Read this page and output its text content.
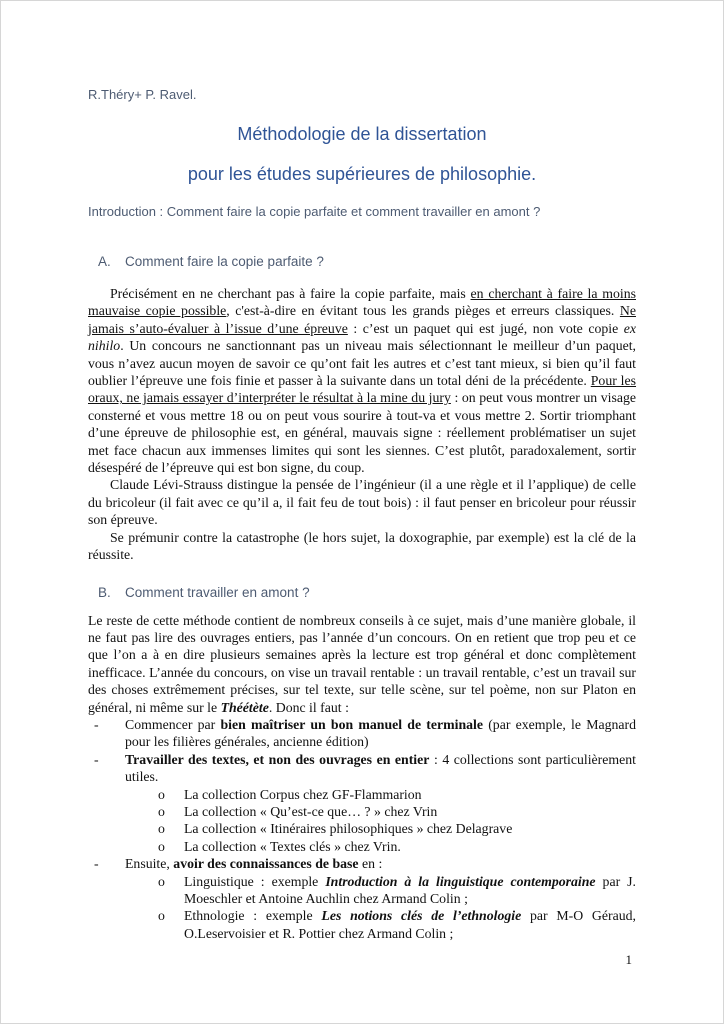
R.Théry+ P. Ravel.
Méthodologie de la dissertation
pour les études supérieures de philosophie.
Introduction : Comment faire la copie parfaite et comment travailler en amont ?
A. Comment faire la copie parfaite ?

Précisément en ne cherchant pas à faire la copie parfaite, mais en cherchant à faire la moins mauvaise copie possible, c'est-à-dire en évitant tous les grands pièges et erreurs classiques. Ne jamais s’auto-évaluer à l’issue d’une épreuve : c’est un paquet qui est jugé, non vote copie ex nihilo. Un concours ne sanctionnant pas un niveau mais sélectionnant le meilleur d’un paquet, vous n’avez aucun moyen de savoir ce qu’ont fait les autres et c’est tant mieux, si bien qu’il faut oublier l’épreuve une fois finie et passer à la suivante dans un total déni de la précédente. Pour les oraux, ne jamais essayer d’interpréter le résultat à la mine du jury : on peut vous montrer un visage consterné et vous mettre 18 ou on peut vous sourire à tout-va et vous mettre 2. Sortir triomphant d’une épreuve de philosophie est, en général, mauvais signe : réellement problématiser un sujet met face chacun aux immenses limites qui sont les siennes. C’est plutôt, paradoxalement, sortir désespéré de l’épreuve qui est bon signe, du coup.

Claude Lévi-Strauss distingue la pensée de l’ingénieur (il a une règle et il l’applique) de celle du bricoleur (il fait avec ce qu’il a, il fait feu de tout bois) : il faut penser en bricoleur pour réussir son épreuve.

Se prémunir contre la catastrophe (le hors sujet, la doxographie, par exemple) est la clé de la réussite.

B. Comment travailler en amont ?

Le reste de cette méthode contient de nombreux conseils à ce sujet, mais d’une manière globale, il ne faut pas lire des ouvrages entiers, pas l’année d’un concours. On en retient que trop peu et ce que l’on a à en dire plusieurs semaines après la lecture est trop général et donc complètement inefficace. L’année du concours, on vise un travail rentable : un travail rentable, c’est un travail sur des choses extrêmement précises, sur tel texte, sur telle scène, sur tel poème, non sur Platon en général, ni même sur le Théétète. Donc il faut :

-	Commencer par bien maîtriser un bon manuel de terminale (par exemple, le Magnard pour les filières générales, ancienne édition)
-	Travailler des textes, et non des ouvrages en entier : 4 collections sont particulièrement utiles.
o	La collection Corpus chez GF-Flammarion
o	La collection « Qu’est-ce que… ? » chez Vrin
o	La collection « Itinéraires philosophiques » chez Delagrave
o	La collection « Textes clés » chez Vrin.
-	Ensuite, avoir des connaissances de base en :
o	Linguistique : exemple Introduction à la linguistique contemporaine par J. Moeschler et Antoine Auchlin chez Armand Colin ;
o	Ethnologie : exemple Les notions clés de l’ethnologie par M-O Géraud, O.Leservoisier et R. Pottier chez Armand Colin ;
1
